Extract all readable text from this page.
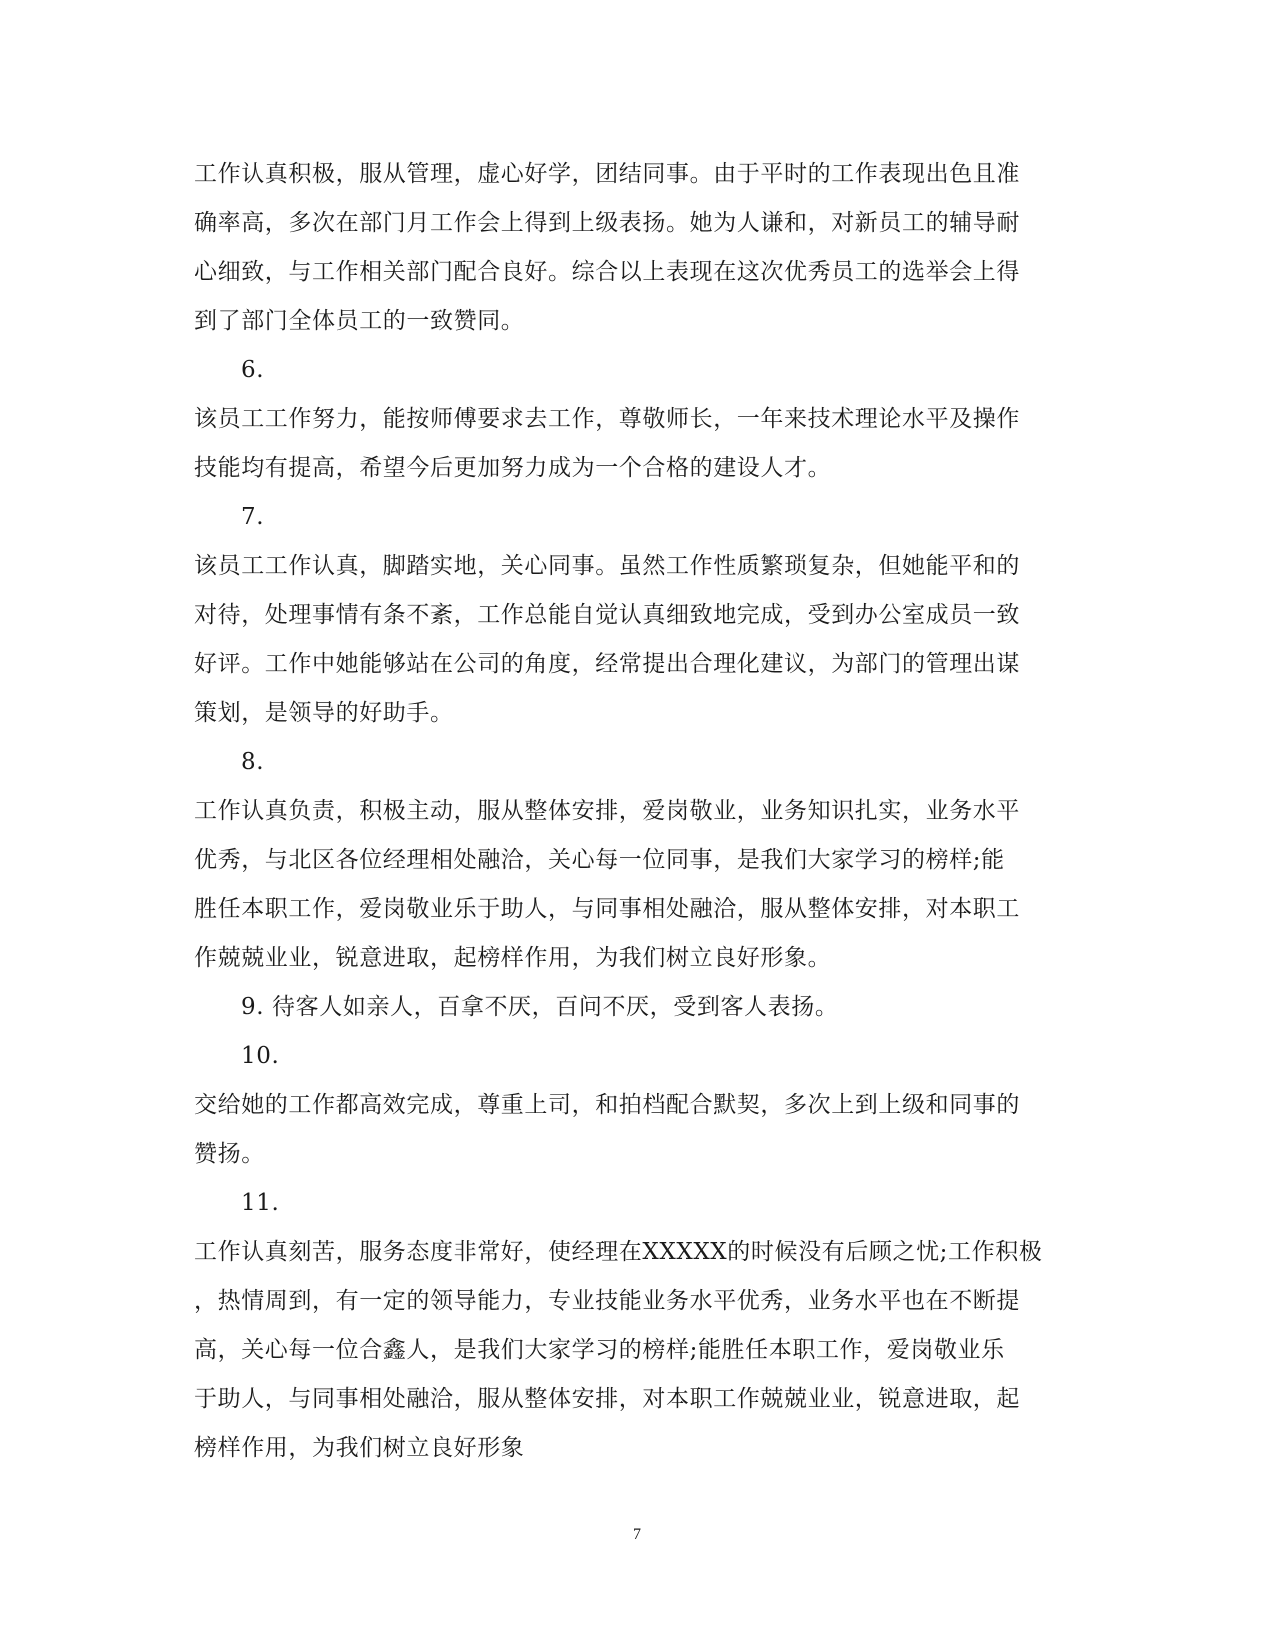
工作认真积极，服从管理，虚心好学，团结同事。由于平时的工作表现出色且准
确率高，多次在部门月工作会上得到上级表扬。她为人谦和，对新员工的辅导耐
心细致，与工作相关部门配合良好。综合以上表现在这次优秀员工的选举会上得
到了部门全体员工的一致赞同。
6.
该员工工作努力，能按师傅要求去工作，尊敬师长，一年来技术理论水平及操作
技能均有提高，希望今后更加努力成为一个合格的建设人才。
7.
该员工工作认真，脚踏实地，关心同事。虽然工作性质繁琐复杂，但她能平和的
对待，处理事情有条不紊，工作总能自觉认真细致地完成，受到办公室成员一致
好评。工作中她能够站在公司的角度，经常提出合理化建议，为部门的管理出谋
策划，是领导的好助手。
8.
工作认真负责，积极主动，服从整体安排，爱岗敬业，业务知识扎实，业务水平
优秀，与北区各位经理相处融洽，关心每一位同事，是我们大家学习的榜样;能
胜任本职工作，爱岗敬业乐于助人，与同事相处融洽，服从整体安排，对本职工
作兢兢业业，锐意进取，起榜样作用，为我们树立良好形象。
9. 待客人如亲人，百拿不厌，百问不厌，受到客人表扬。
10.
交给她的工作都高效完成，尊重上司，和拍档配合默契，多次上到上级和同事的
赞扬。
11.
工作认真刻苦，服务态度非常好，使经理在XXXXX的时候没有后顾之忧;工作积极
，热情周到，有一定的领导能力，专业技能业务水平优秀，业务水平也在不断提
高，关心每一位合鑫人，是我们大家学习的榜样;能胜任本职工作，爱岗敬业乐
于助人，与同事相处融洽，服从整体安排，对本职工作兢兢业业，锐意进取，起
榜样作用，为我们树立良好形象
7
